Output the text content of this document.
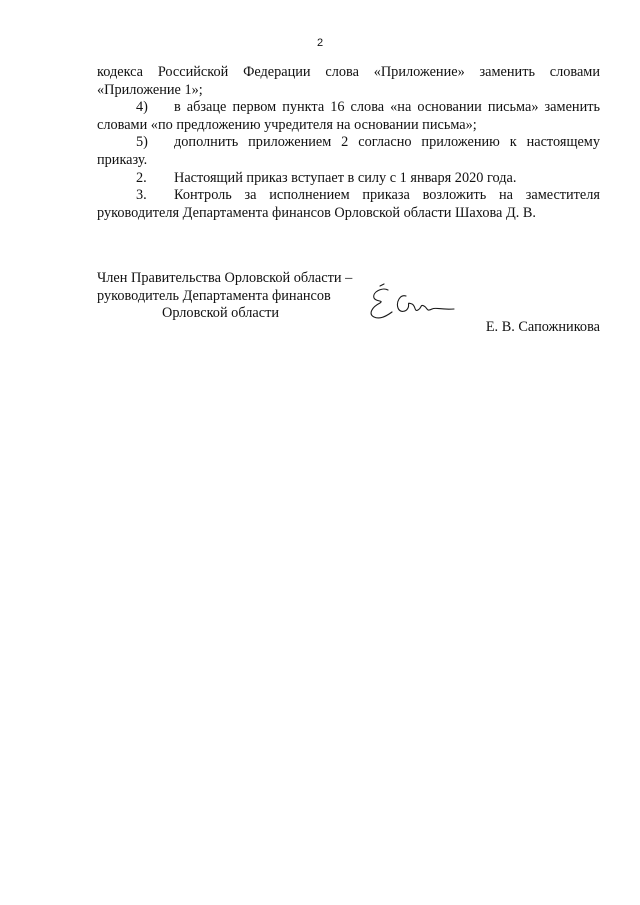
2

кодекса Российской Федерации слова «Приложение» заменить словами «Приложение 1»;

4) в абзаце первом пункта 16 слова «на основании письма» заменить словами «по предложению учредителя на основании письма»;

5) дополнить приложением 2 согласно приложению к настоящему приказу.

2. Настоящий приказ вступает в силу с 1 января 2020 года.

3. Контроль за исполнением приказа возложить на заместителя руководителя Департамента финансов Орловской области Шахова Д. В.

Член Правительства Орловской области –

руководитель Департамента финансов

Орловской области

Е. В. Сапожникова
